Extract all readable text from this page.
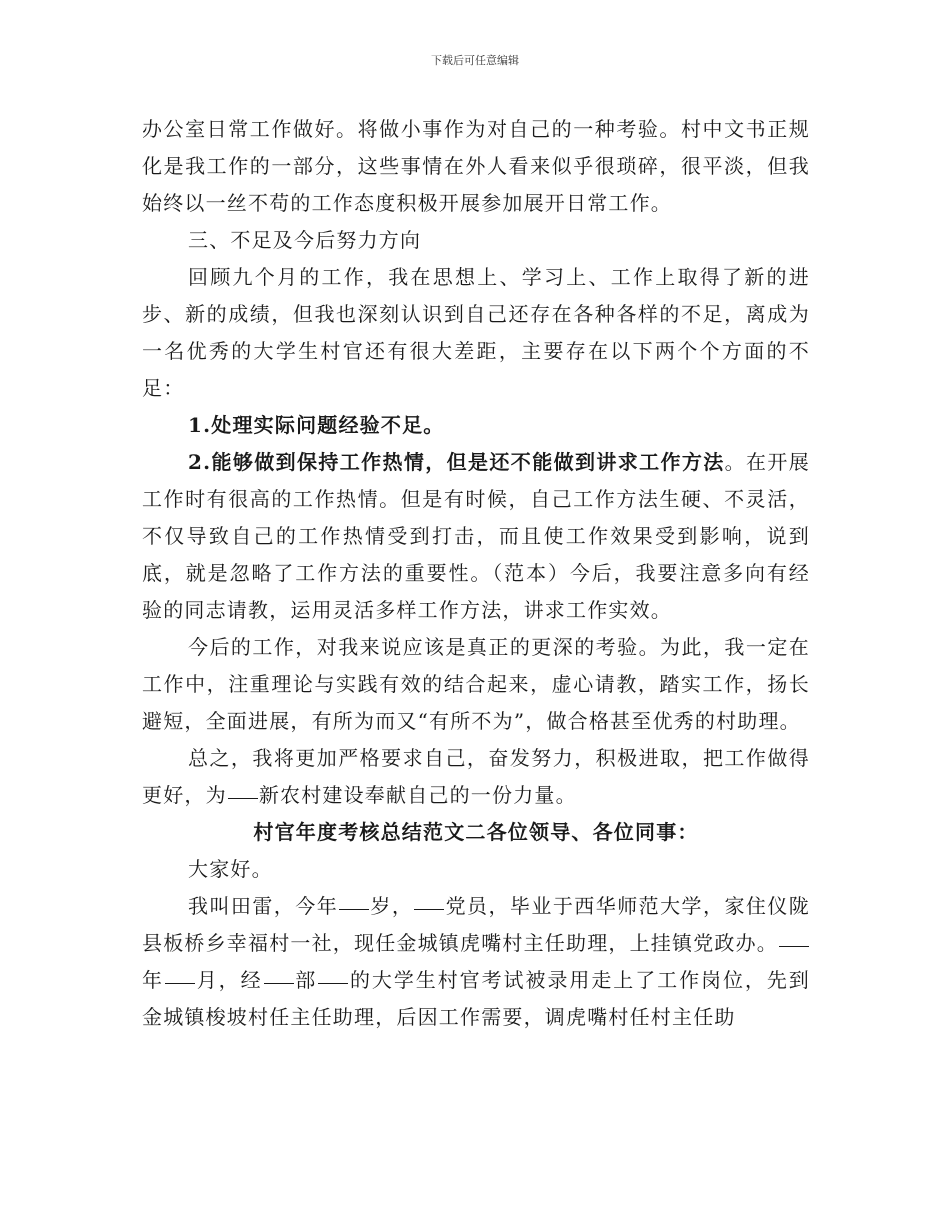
下载后可任意编辑

办公室日常工作做好。将做小事作为对自己的一种考验。村中文书正规化是我工作的一部分，这些事情在外人看来似乎很琐碎，很平淡，但我始终以一丝不苟的工作态度积极开展参加展开日常工作。

三、不足及今后努力方向

回顾九个月的工作，我在思想上、学习上、工作上取得了新的进步、新的成绩，但我也深刻认识到自己还存在各种各样的不足，离成为一名优秀的大学生村官还有很大差距，主要存在以下两个个方面的不足：

1.处理实际问题经验不足。

2.能够做到保持工作热情，但是还不能做到讲求工作方法。在开展工作时有很高的工作热情。但是有时候，自己工作方法生硬、不灵活，不仅导致自己的工作热情受到打击，而且使工作效果受到影响，说到底，就是忽略了工作方法的重要性。（范本）今后，我要注意多向有经验的同志请教，运用灵活多样工作方法，讲求工作实效。

今后的工作，对我来说应该是真正的更深的考验。为此，我一定在工作中，注重理论与实践有效的结合起来，虚心请教，踏实工作，扬长避短，全面进展，有所为而又“有所不为”，做合格甚至优秀的村助理。

总之，我将更加严格要求自己，奋发努力，积极进取，把工作做得更好，为 新农村建设奉献自己的一份力量。

村官年度考核总结范文二各位领导、各位同事：

大家好。

我叫田雷，今年 岁， 党员，毕业于西华师范大学，家住仪陇县板桥乡幸福村一社，现任金城镇虎嘴村主任助理，上挂镇党政办。年 月，经 部 的大学生村官考试被录用走上了工作岗位，先到金城镇梭坡村任主任助理，后因工作需要，调虎嘴村任村主任助
